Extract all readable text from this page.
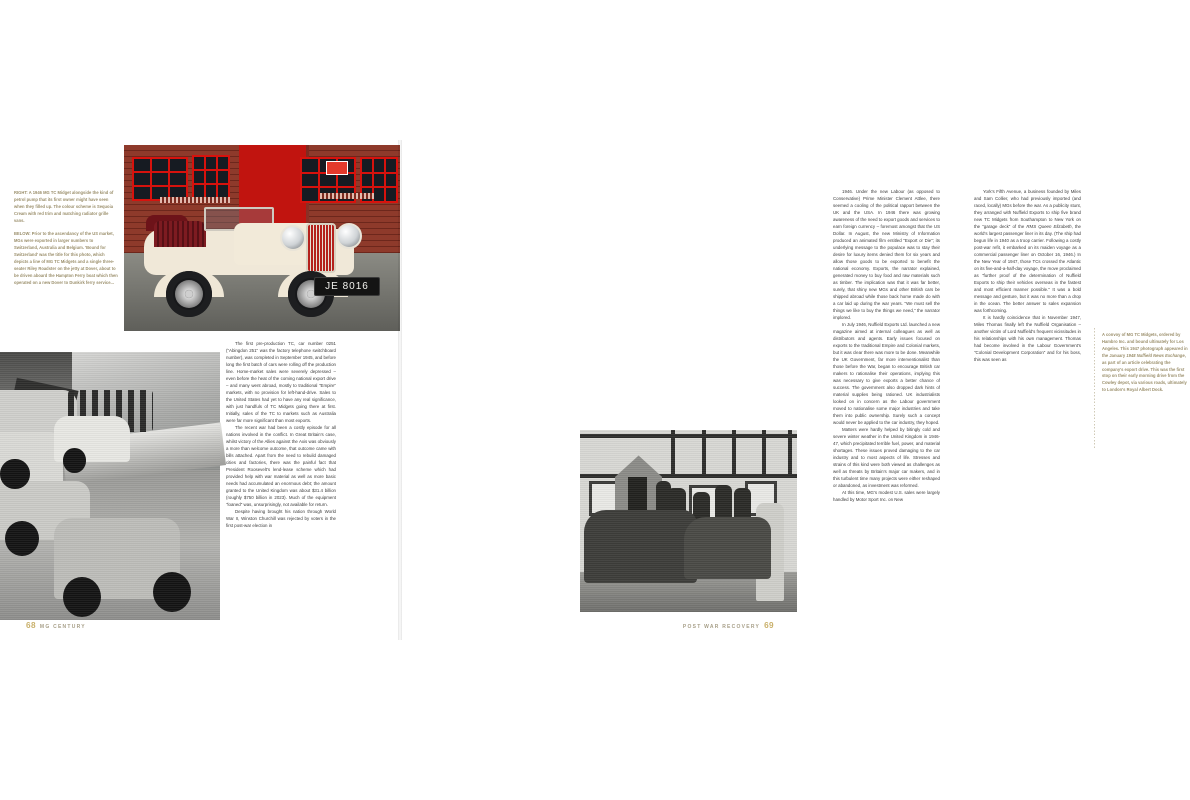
JE 8016

RIGHT: A 1946 MG TC Midget alongside the kind of petrol pump that its first owner might have seen when they filled up. The colour scheme is Sequoia Cream with red trim and matching radiator grille vans.

BELOW: Prior to the ascendancy of the US market, MGs were exported in larger numbers to Switzerland, Australia and Belgium. 'Bound for Switzerland' was the title for this photo, which depicts a line of MG TC Midgets and a single three-seater Riley Roadster on the jetty at Dover, about to be driven aboard the Hampton Ferry boat which then operated on a new Dover to Dunkirk ferry service...

The first pre-production TC, car number 0251 ("Abingdon 251" was the factory telephone switchboard number), was completed in September 1945, and before long the first batch of cars were rolling off the production line. Home-market sales were severely depressed – even before the heat of the coming national export drive – and many went abroad, mostly to traditional "Empire" markets, with no provision for left-hand-drive. Sales to the United States had yet to have any real significance, with just handfuls of TC Midgets going there at first. Initially, sales of the TC to markets such as Australia were far more significant than most exports.

The recent war had been a costly episode for all nations involved in the conflict. In Great Britain's case, whilst victory of the Allies against the Axis was obviously a more than welcome outcome, that outcome came with bills attached. Apart from the need to rebuild damaged cities and factories, there was the painful fact that President Roosevelt's lend-lease scheme which had provided help with war material as well as more basic needs had accumulated an enormous debt; the amount granted to the United Kingdom was about $31.4 billion (roughly $750 billion in 2023). Much of the equipment "loaned" was, unsurprisingly, not available for return.

Despite having brought his nation through World War II, Winston Churchill was rejected by voters in the first post-war election in

68 MG CENTURY

1946. Under the new Labour (as opposed to Conservative) Prime Minister Clement Attlee, there seemed a cooling of the political rapport between the UK and the USA. In 1946 there was growing awareness of the need to export goods and services to earn foreign currency – foremost amongst that the US Dollar. In August, the new Ministry of Information produced an animated film entitled "Export or Die"; its underlying message to the populace was to stay their desire for luxury items denied them for six years and allow those goods to be exported to benefit the national economy. Exports, the narrator explained, generated money to buy food and raw materials such as timber. The implication was that it was far better, surely, that shiny new MGs and other British cars be shipped abroad while those back home made do with a car laid up during the war years. "We must sell the things we like to buy the things we need," the narrator implored.

In July 1946, Nuffield Exports Ltd. launched a new magazine aimed at internal colleagues as well as distributors and agents. Early issues focused on exports to the traditional Empire and Colonial markets, but it was clear there was more to be done. Meanwhile the UK Government, far more interventionalist than those before the War, began to encourage British car makers to rationalise their operations, implying this was necessary to give exports a better chance of success. The government also dropped dark hints of material supplies being rationed. UK industrialists looked on in concern as the Labour government moved to nationalise some major industries and take them into public ownership. Surely such a concept would never be applied to the car industry, they hoped.

Matters were hardly helped by bitingly cold and severe winter weather in the United Kingdom in 1946-47, which precipitated terrible fuel, power, and material shortages. These issues proved damaging to the car industry and to most aspects of life. Stresses and strains of this kind were both viewed as challenges as well as threats by Britain's major car makers, and in this turbulent time many projects were either reshaped or abandoned, as investment was reformed.

At this time, MG's modest U.S. sales were largely handled by Motor Sport Inc. on New

York's Fifth Avenue, a business founded by Miles and Sam Collier, who had previously imported (and raced, locally) MGs before the war. As a publicity stunt, they arranged with Nuffield Exports to ship five brand new TC Midgets from Southampton to New York on the "garage deck" of the RMS Queen Elizabeth, the world's largest passenger liner in its day. (The ship had begun life in 1940 as a troop carrier. Following a costly post-war refit, it embarked on its maiden voyage as a commercial passenger liner on October 16, 1946.) In the New Year of 1947, those TCs crossed the Atlantic on its five-and-a-half-day voyage, the move proclaimed as "further proof of the determination of Nuffield Exports to ship their vehicles overseas in the fastest and most efficient manner possible." It was a bold message and gesture, but it was no more than a drop in the ocean. The better answer to sales expansion was forthcoming.

It is hardly coincidence that in November 1947, Miles Thomas finally left the Nuffield Organisation – another victim of Lord Nuffield's frequent vicissitudes in his relationships with his own management. Thomas had become involved in the Labour Government's "Colonial Development Corporation" and for his boss, this was seen as

A convoy of MG TC Midgets, ordered by Hambro Inc. and bound ultimately for Los Angeles. This 1947 photograph appeared in the January 1948 Nuffield News Exchange, as part of an article celebrating the company's export drive. This was the first stop on their early morning drive from the Cowley depot, via various roads, ultimately to London's Royal Albert Dock.

POST WAR RECOVERY 69
